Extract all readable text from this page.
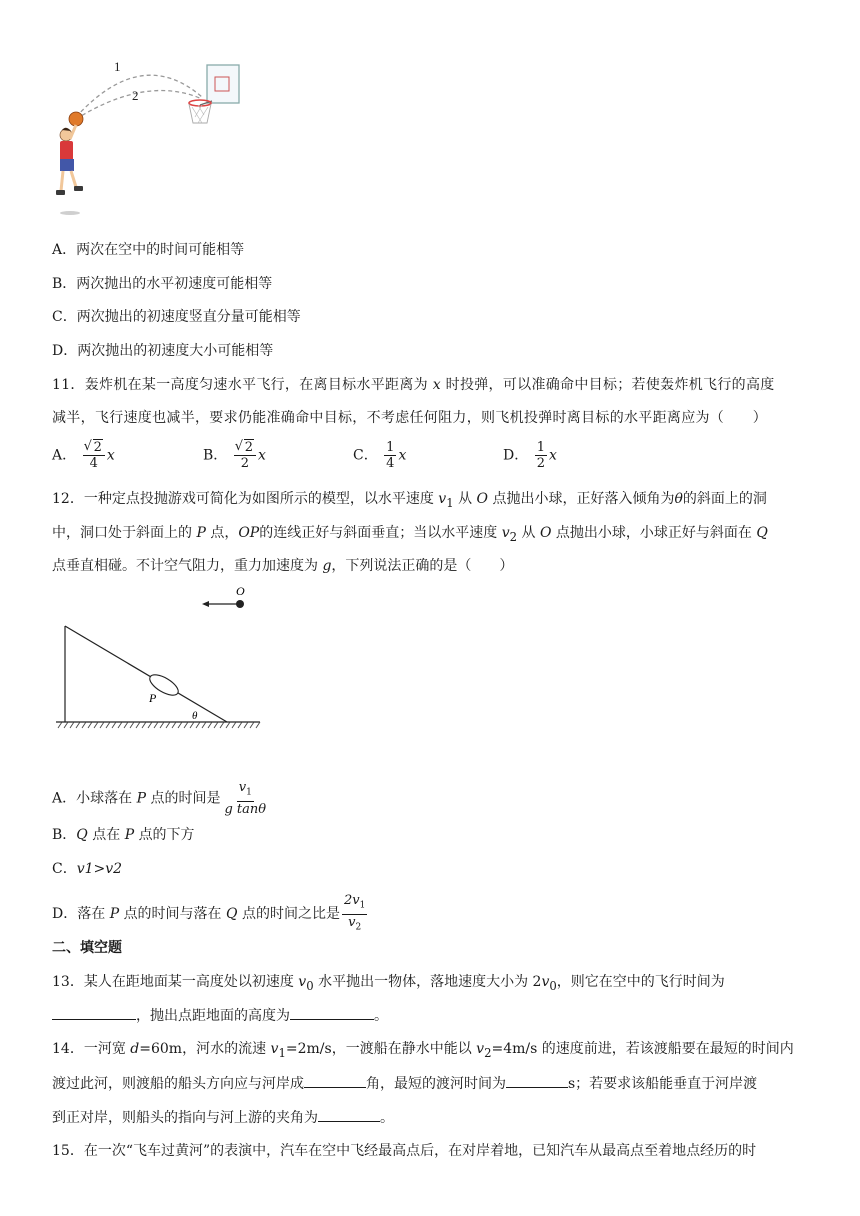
1
2
A．两次在空中的时间可能相等
B．两次抛出的水平初速度可能相等
C．两次抛出的初速度竖直分量可能相等
D．两次抛出的初速度大小可能相等
11．轰炸机在某一高度匀速水平飞行，在离目标水平距离为 x 时投弹，可以准确命中目标；若使轰炸机飞行的高度
减半，飞行速度也减半，要求仍能准确命中目标，不考虑任何阻力，则飞机投弹时离目标的水平距离应为（　　）
A． √ $\frac{2}{4}$ x	B． √ $\frac{2}{2}$ x	C． $\frac{1}{4}$ x	D． $\frac{1}{2}$ x
12．一种定点投抛游戏可简化为如图所示的模型，以水平速度 $v_1$ 从 O 点抛出小球，正好落入倾角为θ的斜面上的洞
中，洞口处于斜面上的 P 点，OP的连线正好与斜面垂直；当以水平速度 $v_2$ 从 O 点抛出小球，小球正好与斜面在 Q
点垂直相碰。不计空气阻力，重力加速度为 g，下列说法正确的是（　　）
O
P
θ
A．小球落在 P 点的时间是 $\frac{v_1}{\text{g tanθ}}$
B．Q 点在 P 点的下方
C．v1>v2
D．落在 P 点的时间与落在 Q 点的时间之比是 $\frac{2v_1}{v_2}$
二、填空题
13．某人在距地面某一高度处以初速度 $v_0$ 水平抛出一物体，落地速度大小为 $2v_0$，则它在空中的飞行时间为
，抛出点距地面的高度为	。
14．一河宽 d=60m，河水的流速 $v_1=2m/s$，一渡船在静水中能以 $v_2=4m/s$ 的速度前进，若该渡船要在最短的时间内
渡过此河，则渡船的船头方向应与河岸成	角，最短的渡河时间为	s；若要求该船能垂直于河岸渡
到正对岸，则船头的指向与河上游的夹角为	。
15．在一次“飞车过黄河”的表演中，汽车在空中飞经最高点后，在对岸着地，已知汽车从最高点至着地点经历的时
